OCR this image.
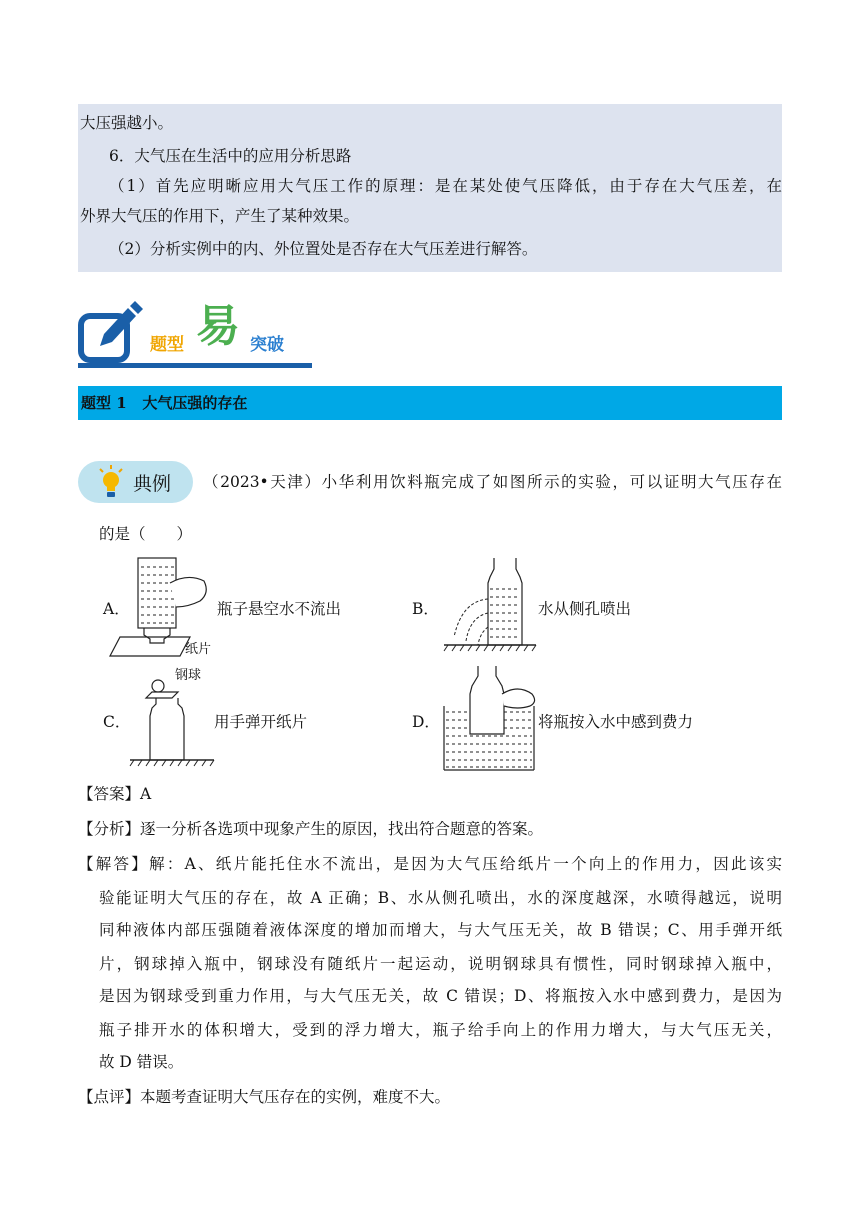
大压强越小。
6．大气压在生活中的应用分析思路
（1）首先应明晰应用大气压工作的原理：是在某处使气压降低，由于存在大气压差，在
外界大气压的作用下，产生了某种效果。
（2）分析实例中的内、外位置处是否存在大气压差进行解答。
题型 易 突破
题型 1   大气压强的存在
典例 （2023•天津）小华利用饮料瓶完成了如图所示的实验，可以证明大气压存在
的是（　　）
A．
纸片
瓶子悬空水不流出	B．	水从侧孔喷出
C．
钢球
用手弹开纸片	D．	将瓶按入水中感到费力
【答案】A
【分析】逐一分析各选项中现象产生的原因，找出符合题意的答案。
【解答】解：A、纸片能托住水不流出，是因为大气压给纸片一个向上的作用力，因此该实
验能证明大气压的存在，故 A 正确；B、水从侧孔喷出，水的深度越深，水喷得越远，说明
同种液体内部压强随着液体深度的增加而增大，与大气压无关，故 B 错误；C、用手弹开纸
片，钢球掉入瓶中，钢球没有随纸片一起运动，说明钢球具有惯性，同时钢球掉入瓶中，
是因为钢球受到重力作用，与大气压无关，故 C 错误；D、将瓶按入水中感到费力，是因为
瓶子排开水的体积增大，受到的浮力增大，瓶子给手向上的作用力增大，与大气压无关，
故 D 错误。
【点评】本题考查证明大气压存在的实例，难度不大。
